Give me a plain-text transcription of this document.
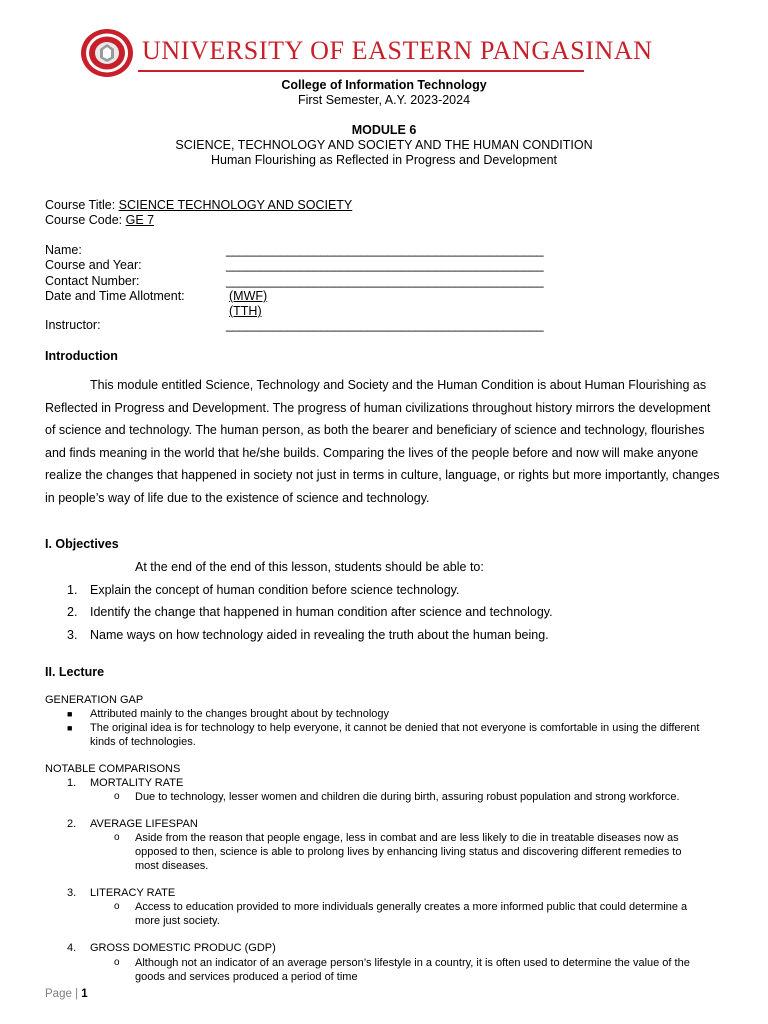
UNIVERSITY OF EASTERN PANGASINAN
College of Information Technology
First Semester, A.Y. 2023-2024
MODULE 6
SCIENCE, TECHNOLOGY AND SOCIETY AND THE HUMAN CONDITION
Human Flourishing as Reflected in Progress and Development
Course Title: SCIENCE TECHNOLOGY AND SOCIETY
Course Code: GE 7
Name:	_______________________________________________
Course and Year:	_______________________________________________
Contact Number:	_______________________________________________
Date and Time Allotment:	(MWF)
(TTH)
Instructor:	_______________________________________________
Introduction
This module entitled Science, Technology and Society and the Human Condition is about Human Flourishing as Reflected in Progress and Development. The progress of human civilizations throughout history mirrors the development of science and technology. The human person, as both the bearer and beneficiary of science and technology, flourishes and finds meaning in the world that he/she builds. Comparing the lives of the people before and now will make anyone realize the changes that happened in society not just in terms in culture, language, or rights but more importantly, changes in people’s way of life due to the existence of science and technology.
I. Objectives
At the end of the end of this lesson, students should be able to:
1. Explain the concept of human condition before science technology.
2. Identify the change that happened in human condition after science and technology.
3. Name ways on how technology aided in revealing the truth about the human being.
II. Lecture
GENERATION GAP
■ Attributed mainly to the changes brought about by technology
■ The original idea is for technology to help everyone, it cannot be denied that not everyone is comfortable in using the different
kinds of technologies.
NOTABLE COMPARISONS
1. MORTALITY RATE
o Due to technology, lesser women and children die during birth, assuring robust population and strong workforce.
2. AVERAGE LIFESPAN
o Aside from the reason that people engage, less in combat and are less likely to die in treatable diseases now as
opposed to then, science is able to prolong lives by enhancing living status and discovering different remedies to
most diseases.
3. LITERACY RATE
o Access to education provided to more individuals generally creates a more informed public that could determine a
more just society.
4. GROSS DOMESTIC PRODUC (GDP)
o Although not an indicator of an average person’s lifestyle in a country, it is often used to determine the value of the
goods and services produced a period of time
Page | 1
